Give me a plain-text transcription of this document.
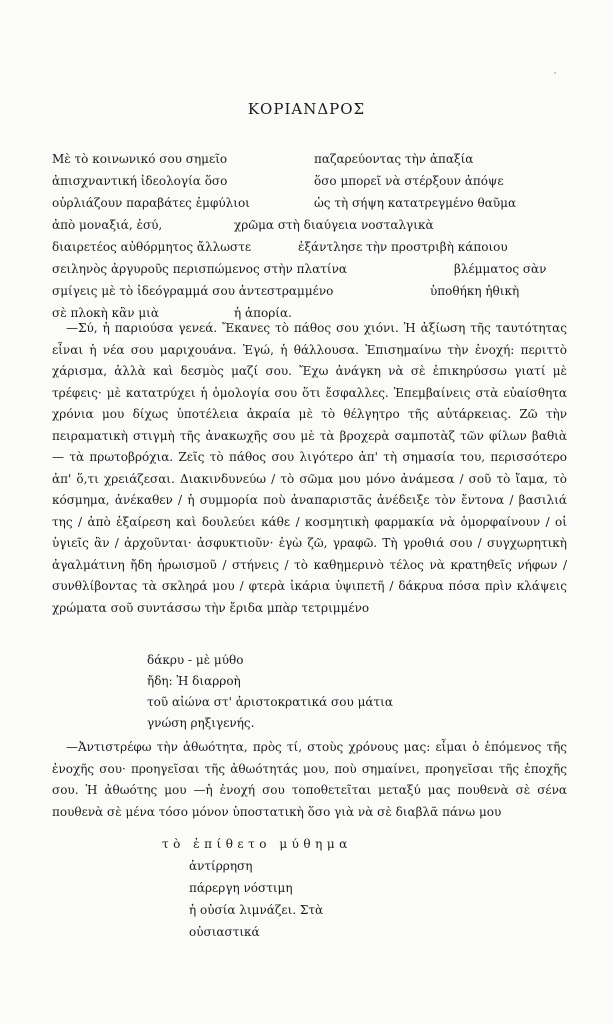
ΚΟΡΙΑΝΔΡΟΣ
Μὲ τὸ κοινωνικό σου σημεῖο	παζαρεύοντας τὴν ἀπαξία
ἀπισχναντική ἰδεολογία ὅσο	ὅσο μπορεῖ νὰ στέρξουν ἀπόψε
οὐρλιάζουν παραβάτες ἐμφύλιοι	ὡς τὴ σήψη κατατρεγμένο θαῦμα
ἀπὸ μοναξιά, ἐσύ,	χρῶμα στὴ διαύγεια νοσταλγικὰ
διαιρετέος αὐθόρμητος ἄλλωστε	ἐξάντλησε τὴν προστριβὴ κάποιου
σειληνὸς ἀργυροῦς περισπώμενος στὴν πλατίνα	βλέμματος σὰν
σμίγεις μὲ τὸ ἰδεόγραμμά σου ἀντεστραμμένο	ὑποθήκη ἠθικὴ
σὲ πλοκὴ κἂν μιὰ	ἡ ἀπορία.

—Σύ, ἡ παριούσα γενεά. Ἔκανες τὸ πάθος σου χιόνι. Ἡ ἀξίωση τῆς ταυτότητας εἶναι ἡ νέα σου μαριχουάνα. Ἐγώ, ἡ θάλλουσα. Ἐπισημαίνω τὴν ἐνοχή: περιττὸ χάρισμα, ἀλλὰ καὶ δεσμὸς μαζί σου. Ἔχω ἀνάγκη νὰ σὲ ἐπικηρύσσω γιατί μὲ τρέφεις· μὲ κατατρύχει ἡ ὁμολογία σου ὅτι ἔσφαλλες. Ἐπεμβαίνεις στὰ εὐαίσθητα χρόνια μου δίχως ὑποτέλεια ἀκραία μὲ τὸ θέλγητρο τῆς αὐτάρκειας. Ζῶ τὴν πειραματικὴ στιγμὴ τῆς ἀνακωχῆς σου μὲ τὰ βροχερὰ σαμποτὰζ τῶν φίλων βαθιὰ — τὰ πρωτοβρόχια. Ζεῖς τὸ πάθος σου λιγότερο ἀπ' τὴ σημασία του, περισσότερο ἀπ' ὅ,τι χρειάζεσαι. Διακινδυνεύω / τὸ σῶμα μου μόνο ἀνάμεσα / σοῦ τὸ ἴαμα, τὸ κόσμημα, ἀνέκαθεν / ἡ συμμορία ποὺ ἀναπαριστᾶς ἀνέδειξε τὸν ἔντονα / βασιλιά της / ἀπὸ ἐξαίρεση καὶ δουλεύει κάθε / κοσμητικὴ φαρμακία νὰ ὁμορφαίνουν / οἱ ὑγιεῖς ἂν / ἀρχοῦνται· ἀσφυκτιοῦν· ἐγὼ ζῶ, γραφῶ. Τὴ γροθιά σου / συγχωρητικὴ ἀγαλμάτινη ἤδη ἡρωισμοῦ / στήνεις / τὸ καθημερινὸ τέλος νὰ κρατηθεῖς νήφων / συνθλίβοντας τὰ σκληρά μου / φτερὰ ἰκάρια ὑψιπετῆ / δάκρυα πόσα πρὶν κλάψεις χρώματα σοῦ συντάσσω τὴν ἔριδα μπὰρ τετριμμένο

δάκρυ - μὲ μύθο
ἤδη: Ἡ διαρροὴ
τοῦ αἰώνα στ' ἀριστοκρατικά σου μάτια
γνώση ρηξιγενής.

—Ἀντιστρέφω τὴν ἀθωότητα, πρὸς τί, στοὺς χρόνους μας: εἶμαι ὁ ἑπόμενος τῆς ἐνοχῆς σου· προηγεῖσαι τῆς ἀθωότητάς μου, ποὺ σημαίνει, προηγεῖσαι τῆς ἐποχῆς σου. Ἡ ἀθωότης μου —ἡ ἐνοχή σου τοποθετεῖται μεταξύ μας πουθενὰ σὲ σένα πουθενὰ σὲ μένα τόσο μόνον ὑποστατικὴ ὅσο γιὰ νὰ σὲ διαβλᾶ πάνω μου

τὸ ἐπίθετο μύθημα
ἀντίρρηση
πάρεργη νόστιμη
ἡ οὐσία λιμνάζει. Στὰ
οὐσιαστικά
